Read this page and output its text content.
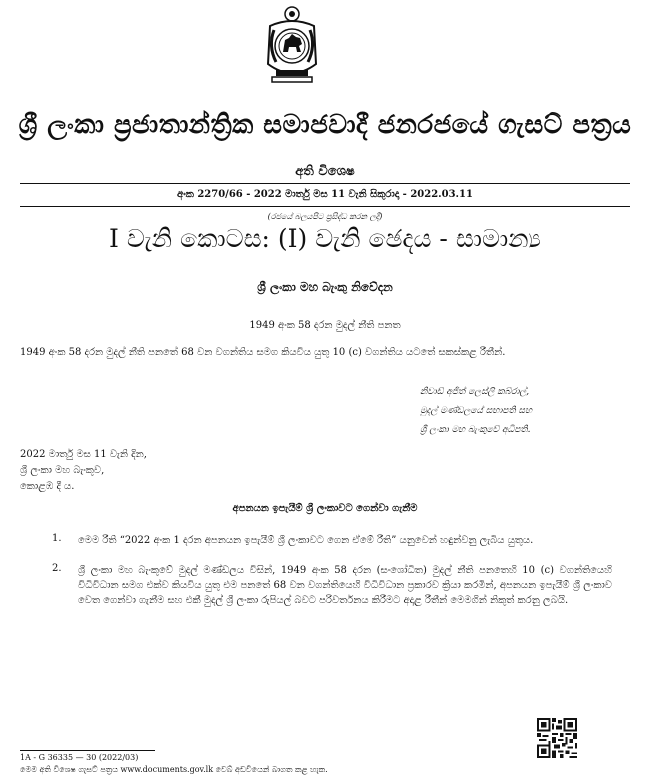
ශ්‍රී ලංකා ප්‍රජාතාන්ත්‍රික සමාජවාදී ජනරජයේ ගැසට් පත්‍රය
අති විශෙෂ
අංක 2270/66 - 2022 මාර්තු මස 11 වැනි සිකුරාදා - 2022.03.11
(රජයේ බලයපිට ප්‍රසිද්ධ කරන ලදී)
I වැනි කොටස: (I) වැනි ඡෙදය - සාමාන්‍ය
ශ්‍රී ලංකා මහ බැංකු නිවේදන
1949 අංක 58 දරන මුදල් නීති පනත
1949 අංක 58 දරන මුදල් නීති පනතේ 68 වන වගන්තිය සමග කියවිය යුතු 10 (c) වගන්තිය යටතේ සකස්කළ රීතීන්.
නිවාඩ් අජිත් ලෙස්ලි කබ්රාල්,
මුදල් මණ්ඩලයේ සභාපති සහ
ශ්‍රී ලංකා මහ බැංකුවේ අධිපති.
2022 මාර්තු මස 11 වැනි දින,
ශ්‍රී ලංකා මහ බැංකුව,
කොළඹ දී ය.
අපනයන ඉපැයීම් ශ්‍රී ලංකාවට ගෙන්වා ගැනීම
1. මෙම රීති “2022 අංක 1 දරන අපනයන ඉපැයීම් ශ්‍රී ලංකාවට ගෙන ඒමේ රීති” යනුවෙන් හඳුන්වනු ලැබිය යුතුය.
2. ශ්‍රී ලංකා මහ බැංකුවේ මුදල් මණ්ඩලය විසින්, 1949 අංක 58 දරන (සංශෝධිත) මුදල් නීති පනතෙහි 10 (c) වගන්තියෙහි විධිවිධාන සමග එක්ව කියවිය යුතු එම පනතේ 68 වන වගන්තියෙහි විධිවිධාන ප්‍රකාරව ක්‍රියා කරමින්, අපනයන ඉපැයීම් ශ්‍රී ලංකාව වෙත ගෙන්වා ගැනීම සහ එකී මුදල් ශ්‍රී ලංකා රුපියල් බවට පරිවර්තනය කිරීමට අදාළ රීතීන් මෙමගින් නිකුත් කරනු ලබයි.
1A - G 36335 — 30 (2022/03)
මෙම අති විශෙෂ ගැසට් පත්‍රය www.documents.gov.lk වෙබ් අඩවියෙන් බාගත කළ හැක.
